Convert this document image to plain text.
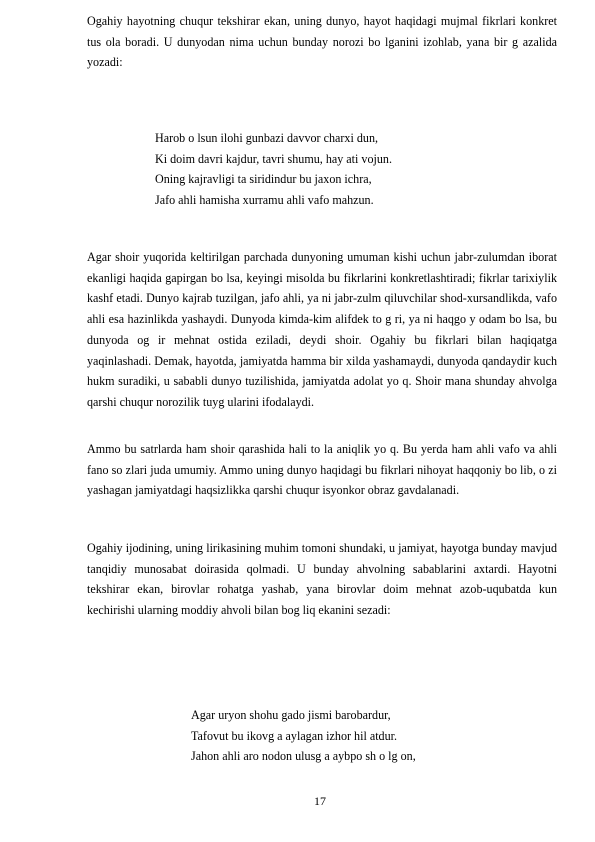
Ogahiy hayotning chuqur tekshirar ekan, uning dunyo, hayot haqidagi mujmal fikrlari konkret tus ola boradi. U dunyodan nima uchun bunday norozi bo lganini izohlab, yana bir g azalida yozadi:

Harob o lsun ilohi gunbazi davvor charxi dun,
Ki doim davri kajdur, tavri shumu, hay ati vojun.
Oning kajravligi ta siridindur bu jaxon ichra,
Jafo ahli hamisha xurramu ahli vafo mahzun.

Agar shoir yuqorida keltirilgan parchada dunyoning umuman kishi uchun jabr-zulumdan iborat ekanligi haqida gapirgan bo lsa, keyingi misolda bu fikrlarini konkretlashtiradi; fikrlar tarixiylik kashf etadi. Dunyo kajrab tuzilgan, jafo ahli, ya ni jabr-zulm qiluvchilar shod-xursandlikda, vafo ahli esa hazinlikda yashaydi. Dunyoda kimda-kim alifdek to g ri, ya ni haqgo y odam bo lsa, bu dunyoda og ir mehnat ostida eziladi, deydi shoir. Ogahiy bu fikrlari bilan haqiqatga yaqinlashadi. Demak, hayotda, jamiyatda hamma bir xilda yashamaydi, dunyoda qandaydir kuch hukm suradiki, u sababli dunyo tuzilishida, jamiyatda adolat yo q. Shoir mana shunday ahvolga qarshi chuqur norozilik tuyg ularini ifodalaydi.

Ammo bu satrlarda ham shoir qarashida hali to la aniqlik yo q. Bu yerda ham ahli vafo va ahli fano so zlari juda umumiy. Ammo uning dunyo haqidagi bu fikrlari nihoyat haqqoniy bo lib, o zi yashagan jamiyatdagi haqsizlikka qarshi chuqur isyonkor obraz gavdalanadi.

Ogahiy ijodining, uning lirikasining muhim tomoni shundaki, u jamiyat, hayotga bunday mavjud tanqidiy munosabat doirasida qolmadi. U bunday ahvolning sabablarini axtardi. Hayotni tekshirar ekan, birovlar rohatga yashab, yana birovlar doim mehnat azob-uqubatda kun kechirishi ularning moddiy ahvoli bilan bog liq ekanini sezadi:

Agar uryon shohu gado jismi barobardur,
Tafovut bu ikovg a aylagan izhor hil atdur.
Jahon ahli aro nodon ulusg a aybpo sh o lg on,
17
